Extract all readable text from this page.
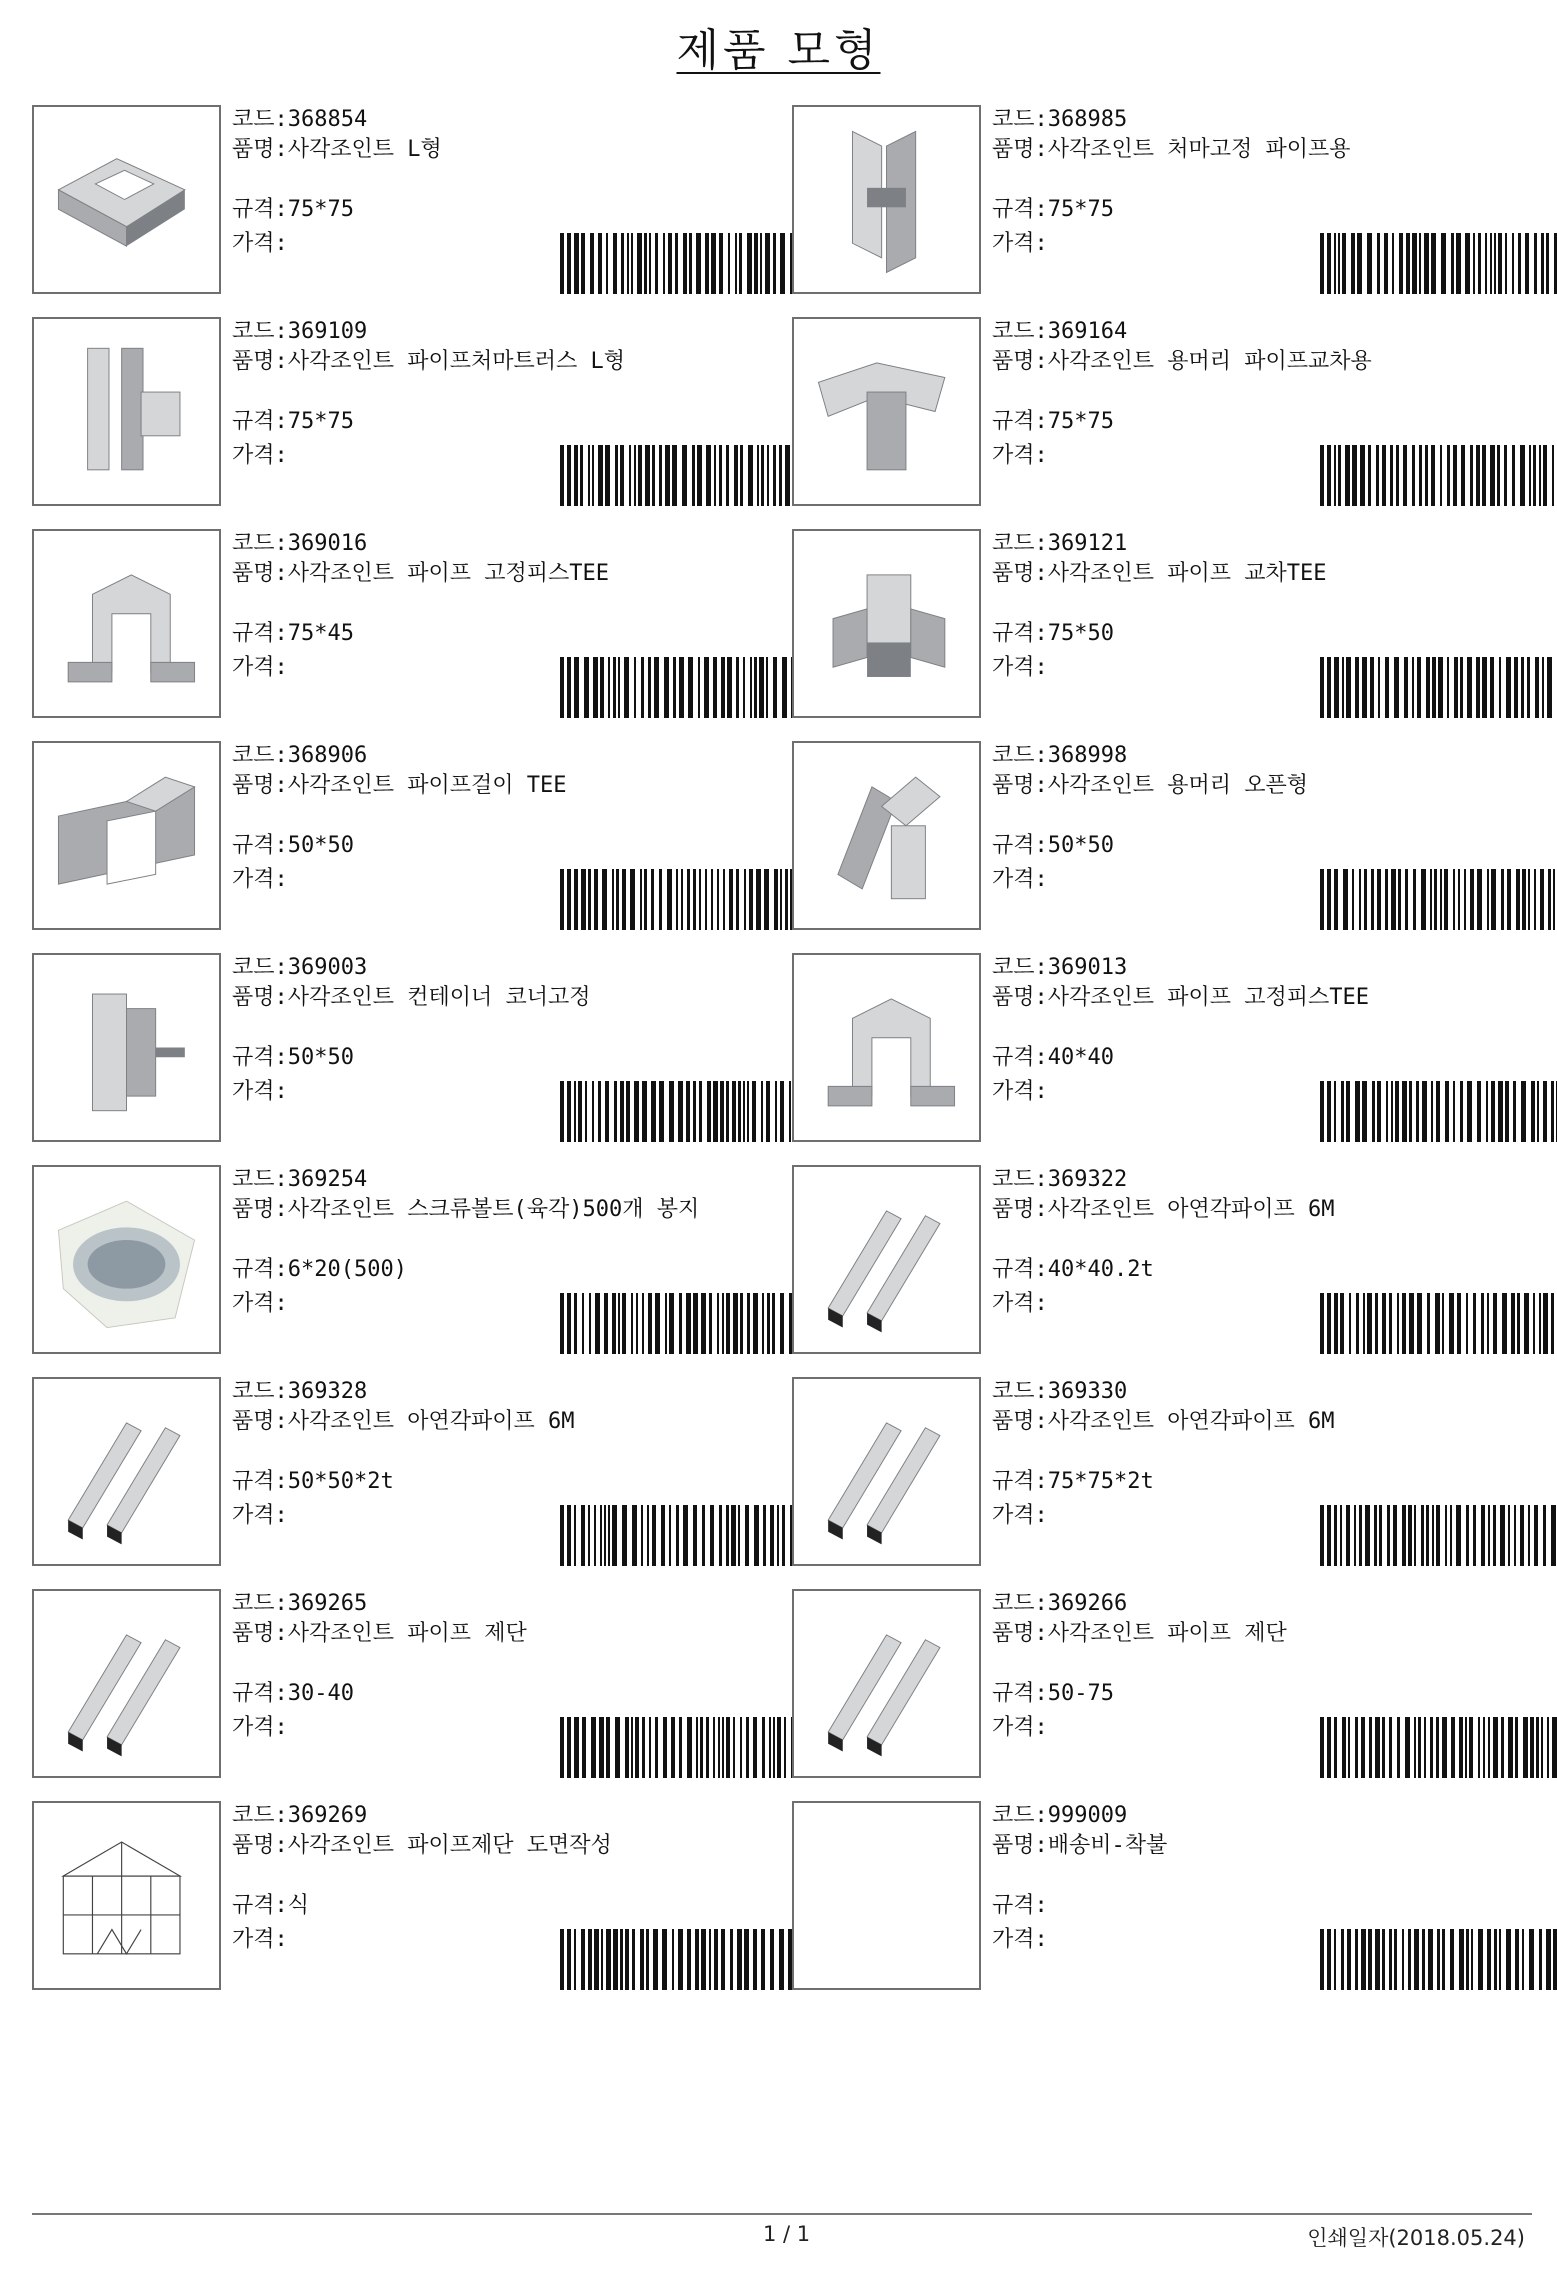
제품 모형
코드:368854
품명:사각조인트 L형
규격:75*75
가격:
코드:368985
품명:사각조인트 처마고정 파이프용
규격:75*75
가격:
코드:369109
품명:사각조인트 파이프처마트러스 L형
규격:75*75
가격:
코드:369164
품명:사각조인트 용머리 파이프교차용
규격:75*75
가격:
코드:369016
품명:사각조인트 파이프 고정피스TEE
규격:75*45
가격:
코드:369121
품명:사각조인트 파이프 교차TEE
규격:75*50
가격:
코드:368906
품명:사각조인트 파이프걸이 TEE
규격:50*50
가격:
코드:368998
품명:사각조인트 용머리 오픈형
규격:50*50
가격:
코드:369003
품명:사각조인트 컨테이너 코너고정
규격:50*50
가격:
코드:369013
품명:사각조인트 파이프 고정피스TEE
규격:40*40
가격:
코드:369254
품명:사각조인트 스크류볼트(육각)500개 봉지
규격:6*20(500)
가격:
코드:369322
품명:사각조인트 아연각파이프 6M
규격:40*40.2t
가격:
코드:369328
품명:사각조인트 아연각파이프 6M
규격:50*50*2t
가격:
코드:369330
품명:사각조인트 아연각파이프 6M
규격:75*75*2t
가격:
코드:369265
품명:사각조인트 파이프 제단
규격:30-40
가격:
코드:369266
품명:사각조인트 파이프 제단
규격:50-75
가격:
코드:369269
품명:사각조인트 파이프제단 도면작성
규격:식
가격:
코드:999009
품명:배송비-착불
규격:
가격:
1 / 1	인쇄일자(2018.05.24)
